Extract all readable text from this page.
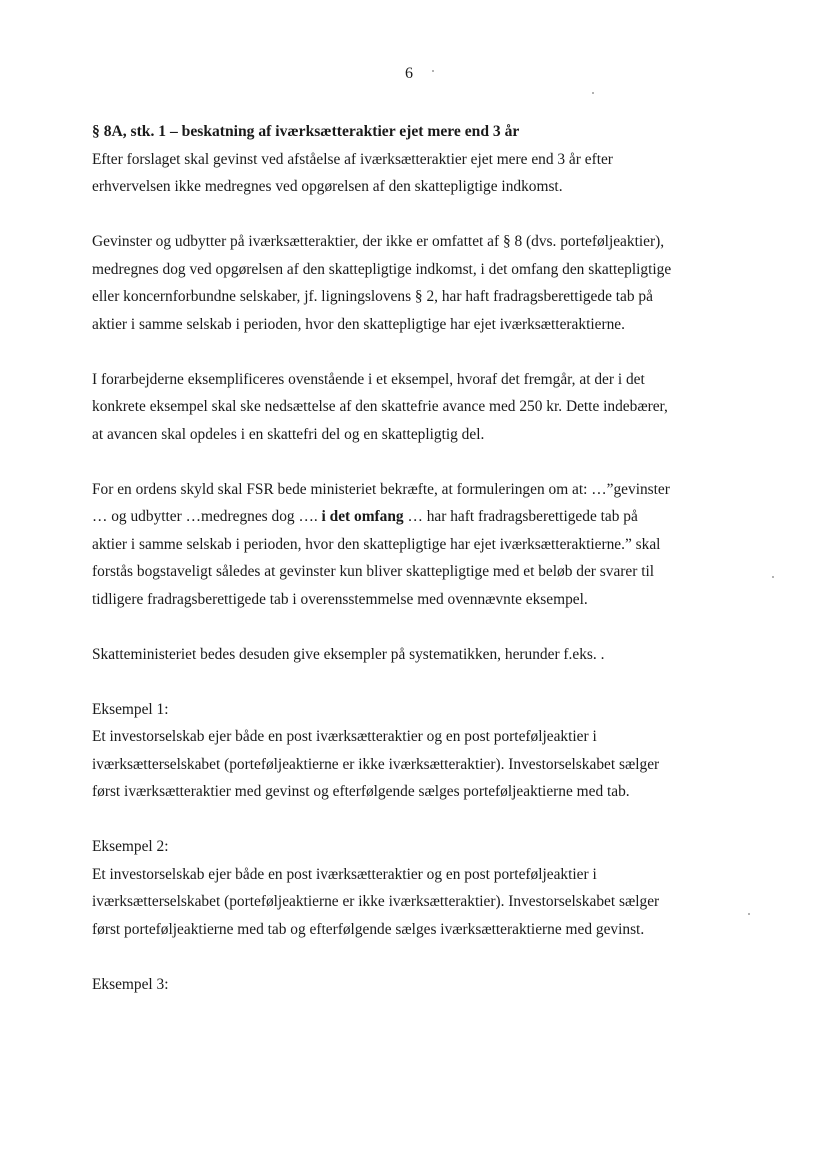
6
§ 8A, stk. 1 – beskatning af iværksætteraktier ejet mere end 3 år
Efter forslaget skal gevinst ved afståelse af iværksætteraktier ejet mere end 3 år efter
erhvervelsen ikke medregnes ved opgørelsen af den skattepligtige indkomst.
Gevinster og udbytter på iværksætteraktier, der ikke er omfattet af § 8 (dvs. porteføljeaktier),
medregnes dog ved opgørelsen af den skattepligtige indkomst, i det omfang den skattepligtige
eller koncernforbundne selskaber, jf. ligningslovens § 2, har haft fradragsberettigede tab på
aktier i samme selskab i perioden, hvor den skattepligtige har ejet iværksætteraktierne.
I forarbejderne eksemplificeres ovenstående i et eksempel, hvoraf det fremgår, at der i det
konkrete eksempel skal ske nedsættelse af den skattefrie avance med 250 kr. Dette indebærer,
at avancen skal opdeles i en skattefri del og en skattepligtig del.
For en ordens skyld skal FSR bede ministeriet bekræfte, at formuleringen om at: …”gevinster
… og udbytter …medregnes dog …. i det omfang … har haft fradragsberettigede tab på
aktier i samme selskab i perioden, hvor den skattepligtige har ejet iværksætteraktierne.” skal
forstås bogstaveligt således at gevinster kun bliver skattepligtige med et beløb der svarer til
tidligere fradragsberettigede tab i overensstemmelse med ovennævnte eksempel.
Skatteministeriet bedes desuden give eksempler på systematikken, herunder f.eks. .
Eksempel 1:
Et investorselskab ejer både en post iværksætteraktier og en post porteføljeaktier i
iværksætterselskabet (porteføljeaktierne er ikke iværksætteraktier). Investorselskabet sælger
først iværksætteraktier med gevinst og efterfølgende sælges porteføljeaktierne med tab.
Eksempel 2:
Et investorselskab ejer både en post iværksætteraktier og en post porteføljeaktier i
iværksætterselskabet (porteføljeaktierne er ikke iværksætteraktier). Investorselskabet sælger
først porteføljeaktierne med tab og efterfølgende sælges iværksætteraktierne med gevinst.
Eksempel 3:
